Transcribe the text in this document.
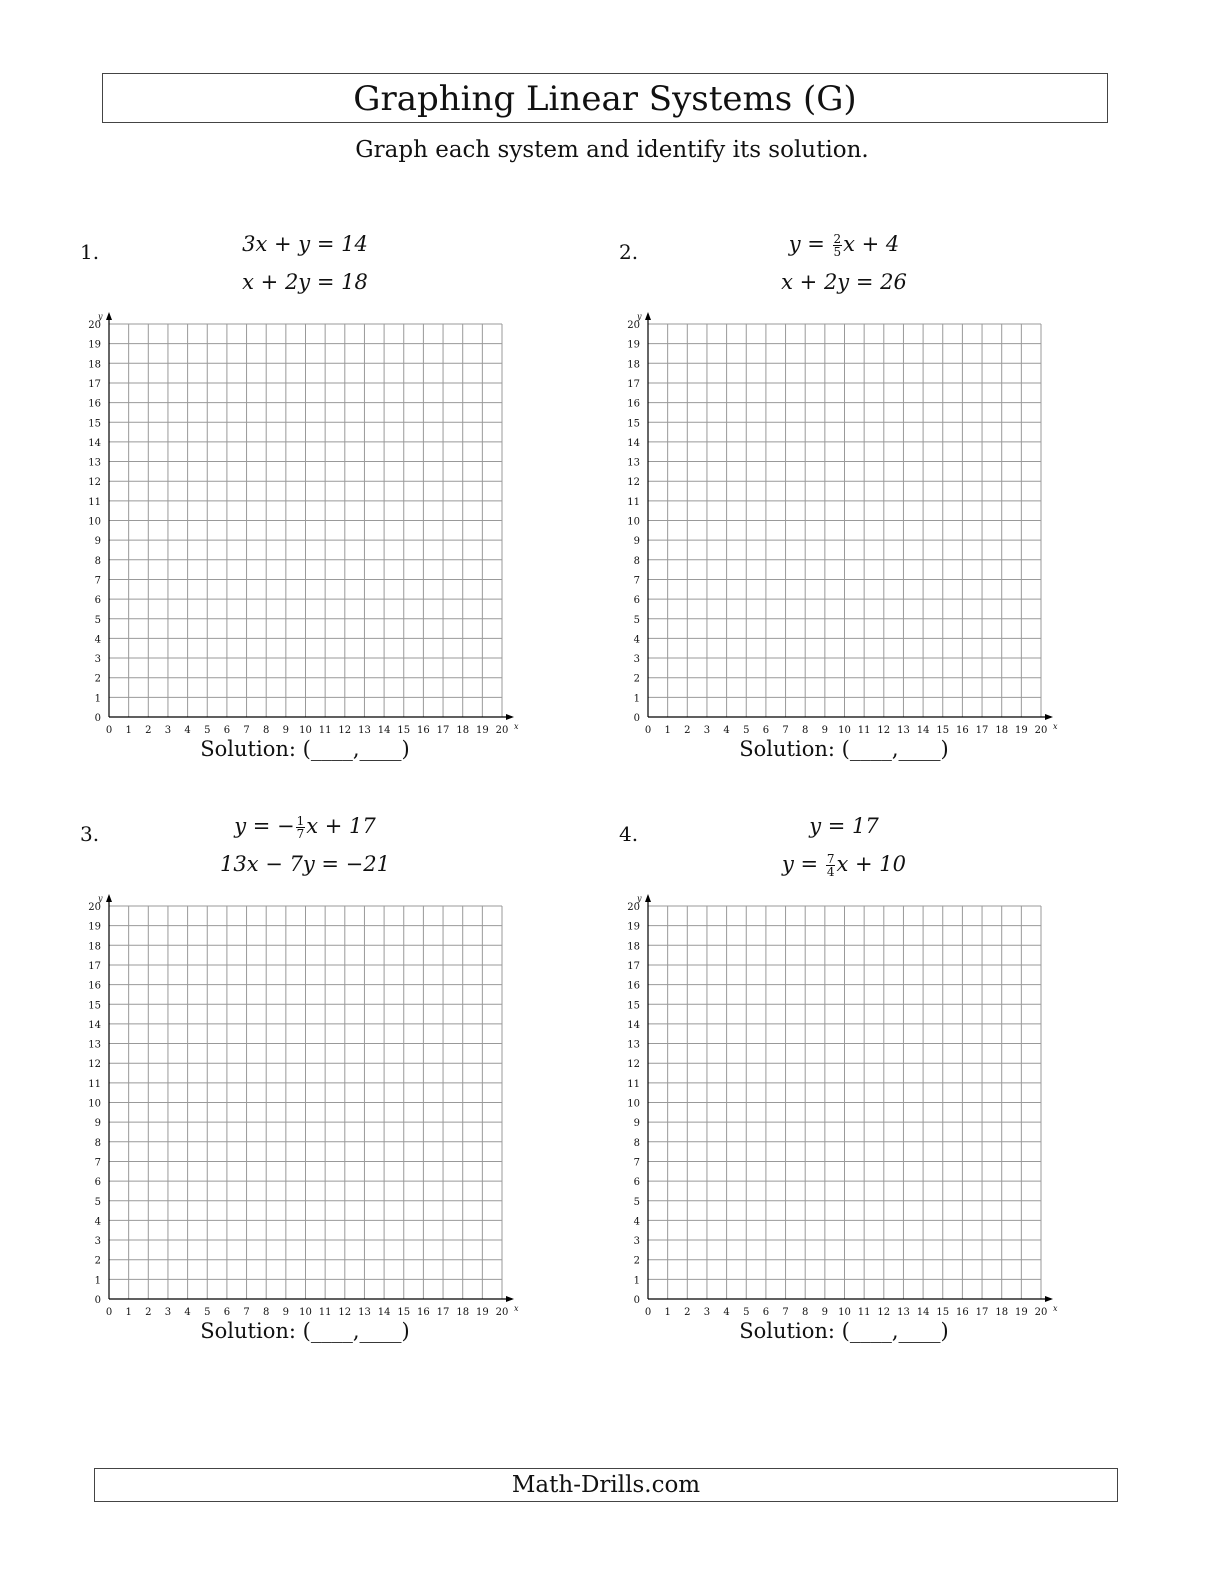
Graphing Linear Systems (G)
Graph each system and identify its solution.
1.	3x + y = 14
x + 2y = 18
0
0
1
1
2
2
3
3
4
4
5
5
6
6
7
7
8
8
9
9
10
10
11
11
12
12
13
13
14
14
15
15
16
16
17
17
18
18
19
19
20
20
x
y
Solution: (____,____)
2.	$y = \frac{2}{5}$ x + 4
x + 2y = 26
0
0
1
1
2
2
3
3
4
4
5
5
6
6
7
7
8
8
9
9
10
10
11
11
12
12
13
13
14
14
15
15
16
16
17
17
18
18
19
19
20
20
x
y
Solution: (____,____)
3.	y = − $\frac{1}{7}$ x + 17
13x − 7y = −21
0
0
1
1
2
2
3
3
4
4
5
5
6
6
7
7
8
8
9
9
10
10
11
11
12
12
13
13
14
14
15
15
16
16
17
17
18
18
19
19
20
20
x
y
Solution: (____,____)
4.	y = 17
$y = \frac{7}{4}$ x + 10
0
0
1
1
2
2
3
3
4
4
5
5
6
6
7
7
8
8
9
9
10
10
11
11
12
12
13
13
14
14
15
15
16
16
17
17
18
18
19
19
20
20
x
y
Solution: (____,____)
Math-Drills.com
